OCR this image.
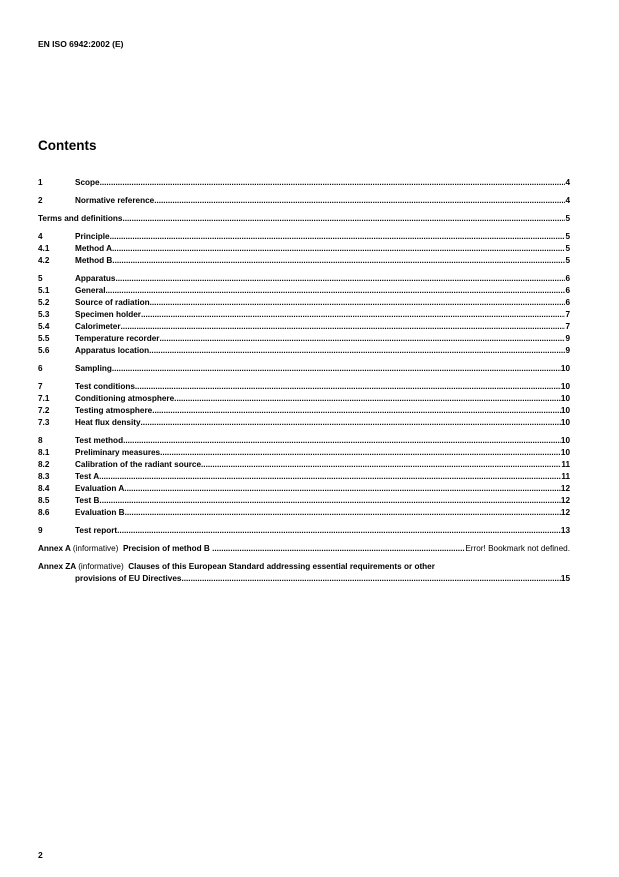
EN ISO 6942:2002 (E)
Contents
1	Scope .....	4
2	Normative reference .....	4
Terms and definitions .....	5
4	Principle .....	5
4.1	Method A .....	5
4.2	Method B .....	5
5	Apparatus .....	6
5.1	General .....	6
5.2	Source of radiation .....	6
5.3	Specimen holder .....	7
5.4	Calorimeter .....	7
5.5	Temperature recorder .....	9
5.6	Apparatus location .....	9
6	Sampling .....	10
7	Test conditions .....	10
7.1	Conditioning atmosphere .....	10
7.2	Testing atmosphere .....	10
7.3	Heat flux density .....	10
8	Test method .....	10
8.1	Preliminary measures .....	10
8.2	Calibration of the radiant source .....	11
8.3	Test A .....	11
8.4	Evaluation A .....	12
8.5	Test B .....	12
8.6	Evaluation B .....	12
9	Test report .....	13
Annex A (informative) Precision of method B .....	Error! Bookmark not defined.
Annex ZA (informative) Clauses of this European Standard addressing essential requirements or other
provisions of EU Directives. .....	15
2
